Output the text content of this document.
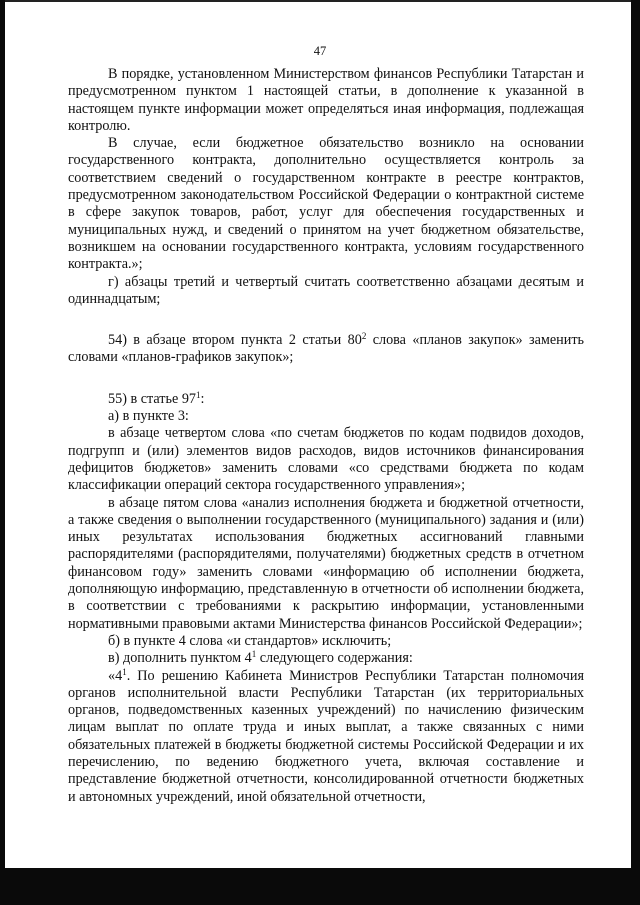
47

В порядке, установленном Министерством финансов Республики Татарстан и предусмотренном пунктом 1 настоящей статьи, в дополнение к указанной в настоящем пункте информации может определяться иная информация, подлежащая контролю.

В случае, если бюджетное обязательство возникло на основании государственного контракта, дополнительно осуществляется контроль за соответствием сведений о государственном контракте в реестре контрактов, предусмотренном законодательством Российской Федерации о контрактной системе в сфере закупок товаров, работ, услуг для обеспечения государственных и муниципальных нужд, и сведений о принятом на учет бюджетном обязательстве, возникшем на основании государственного контракта, условиям государственного контракта.»;

г) абзацы третий и четвертый считать соответственно абзацами десятым и одиннадцатым;

54) в абзаце втором пункта 2 статьи $80^2$ слова «планов закупок» заменить словами «планов-графиков закупок»;

55) в статье $97^1$:

а) в пункте 3:

в абзаце четвертом слова «по счетам бюджетов по кодам подвидов доходов, подгрупп и (или) элементов видов расходов, видов источников финансирования дефицитов бюджетов» заменить словами «со средствами бюджета по кодам классификации операций сектора государственного управления»;

в абзаце пятом слова «анализ исполнения бюджета и бюджетной отчетности, а также сведения о выполнении государственного (муниципального) задания и (или) иных результатах использования бюджетных ассигнований главными распорядителями (распорядителями, получателями) бюджетных средств в отчетном финансовом году» заменить словами «информацию об исполнении бюджета, дополняющую информацию, представленную в отчетности об исполнении бюджета, в соответствии с требованиями к раскрытию информации, установленными нормативными правовыми актами Министерства финансов Российской Федерации»;

б) в пункте 4 слова «и стандартов» исключить;

в) дополнить пунктом $4^1$ следующего содержания:

«$4^1$. По решению Кабинета Министров Республики Татарстан полномочия органов исполнительной власти Республики Татарстан (их территориальных органов, подведомственных казенных учреждений) по начислению физическим лицам выплат по оплате труда и иных выплат, а также связанных с ними обязательных платежей в бюджеты бюджетной системы Российской Федерации и их перечислению, по ведению бюджетного учета, включая составление и представление бюджетной отчетности, консолидированной отчетности бюджетных и автономных учреждений, иной обязательной отчетности,
